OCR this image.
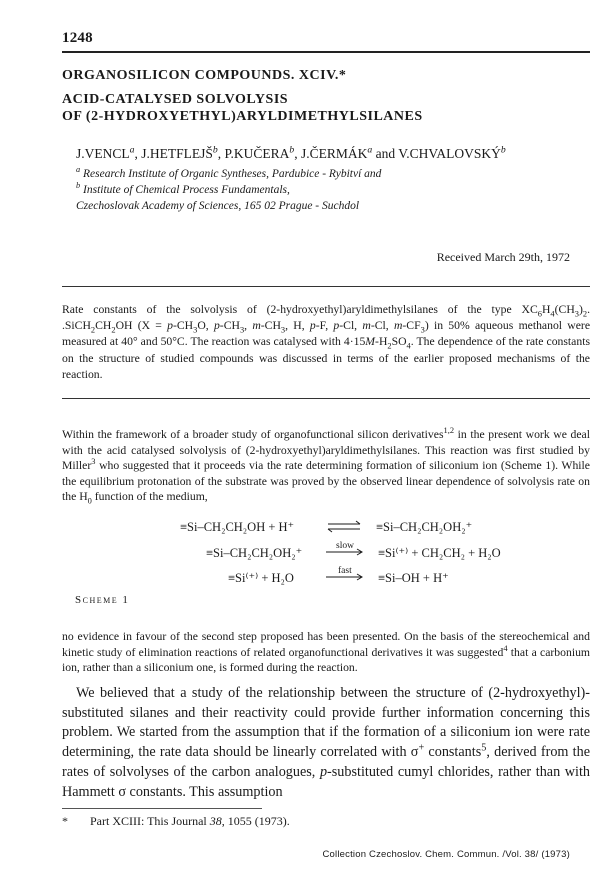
1248
ORGANOSILICON COMPOUNDS. XCIV.*
ACID-CATALYSED SOLVOLYSIS
OF (2-HYDROXYETHYL)ARYLDIMETHYLSILANES
J.VENCL$^a$, J.HETFLEJŠ$^b$, P.KUČERA$^b$, J.ČERMÁK$^a$ and V.CHVALOVSKÝ$^b$
$^a$ Research Institute of Organic Syntheses, Pardubice - Rybitví and
$^b$ Institute of Chemical Process Fundamentals,
Czechoslovak Academy of Sciences, 165 02 Prague - Suchdol
Received March 29th, 1972
Rate constants of the solvolysis of (2-hydroxyethyl)aryldimethylsilanes of the type $XC_6H_4(CH_3)_2$. $.SiCH_2CH_2OH$ ($X = p-CH_3O$, $p-CH_3$, $m-CH_3$, H, p-F, p-Cl, m-Cl, $m-CF_3$) in 50% aqueous methanol were measured at 40° and 50°C. The reaction was catalysed with $4\cdot 15M-H_2SO_4$. The dependence of the rate constants on the structure of studied compounds was discussed in terms of the earlier proposed mechanisms of the reaction.
Within the framework of a broader study of organofunctional silicon derivatives$^{1,2}$ in the present work we deal with the acid catalysed solvolysis of (2-hydroxyethyl)aryldimethylsilanes. This reaction was first studied by Miller$^3$ who suggested that it proceeds via the rate determining formation of siliconium ion (Scheme 1). While the equilibrium protonation of the substrate was proved by the observed linear dependence of solvolysis rate on the $H_0$ function of the medium,
≡Si–CH₂CH₂OH + H⁺	≡Si–CH₂CH₂OH₂⁺
≡Si–CH₂CH₂OH₂⁺	slow ≡Si⁽⁺⁾ + CH₂CH₂ + H₂O
≡Si⁽⁺⁾ + H₂O	fast ≡Si–OH + H⁺
Scheme 1
no evidence in favour of the second step proposed has been presented. On the basis of the stereochemical and kinetic study of elimination reactions of related organofunctional derivatives it was suggested$^4$ that a carbonium ion, rather than a siliconium one, is formed during the reaction.
We believed that a study of the relationship between the structure of (2-hydroxyethyl)-substituted silanes and their reactivity could provide further information concerning this problem. We started from the assumption that if the formation of a siliconium ion were rate determining, the rate data should be linearly correlated with σ+ constants$^5$, derived from the rates of solvolyses of the carbon analogues, p-substituted cumyl chlorides, rather than with Hammett σ constants. This assumption
* Part XCIII: This Journal 38, 1055 (1973).
Collection Czechoslov. Chem. Commun. /Vol. 38/ (1973)
